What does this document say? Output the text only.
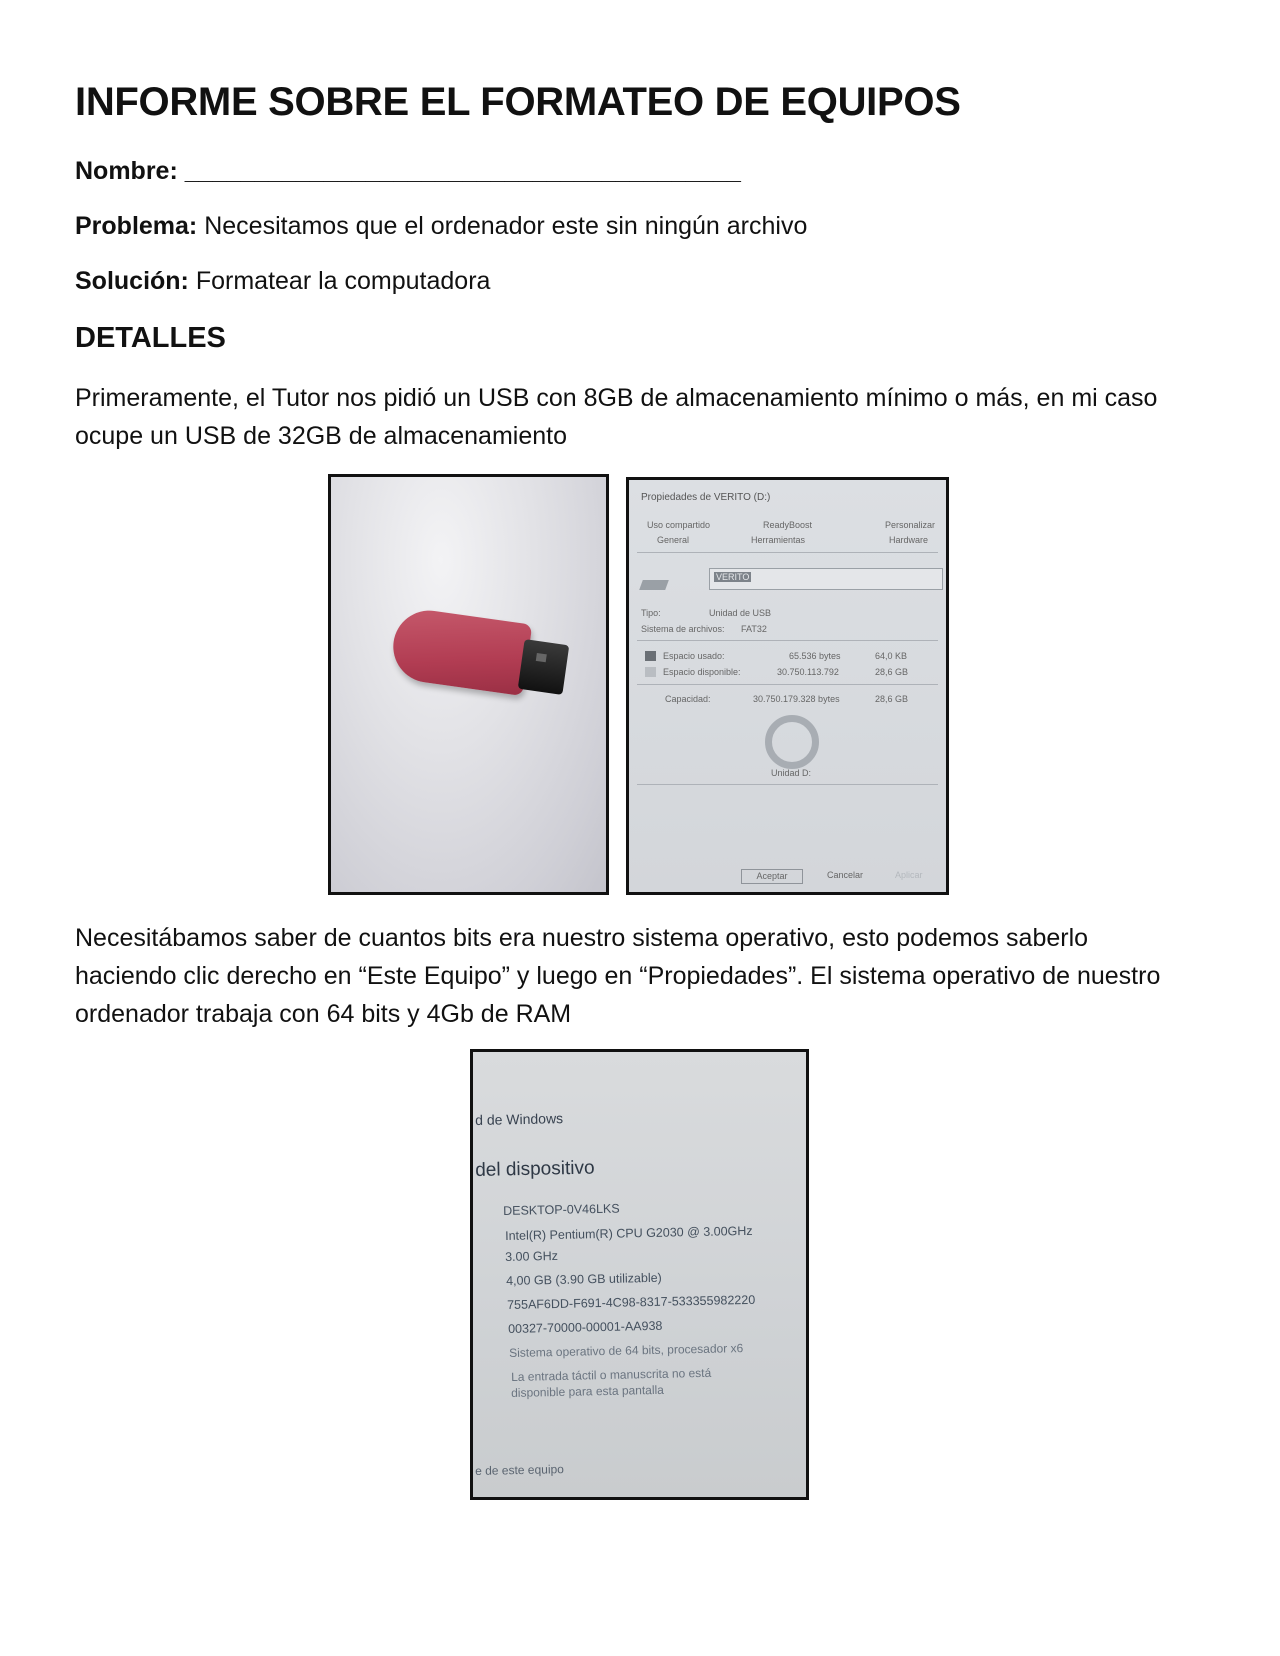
INFORME SOBRE EL FORMATEO DE EQUIPOS
Nombre: ________________________________________
Problema: Necesitamos que el ordenador este sin ningún archivo
Solución: Formatear la computadora
DETALLES

Primeramente, el Tutor nos pidió un USB con 8GB de almacenamiento mínimo o más, en mi caso ocupe un USB de 32GB de almacenamiento

Necesitábamos saber de cuantos bits era nuestro sistema operativo, esto podemos saberlo haciendo clic derecho en “Este Equipo” y luego en “Propiedades”. El sistema operativo de nuestro ordenador trabaja con 64 bits y 4Gb de RAM

Propiedades de VERITO (D:)
Uso compartido	ReadyBoost	Personalizar
General	Herramientas	Hardware
VERITO
Tipo:	Unidad de USB
Sistema de archivos: FAT32
Espacio usado:	65.536 bytes	64,0 KB
Espacio disponible:	30.750.113.792	28,6 GB
Capacidad:	30.750.179.328 bytes	28,6 GB
Unidad D:
Aceptar	Cancelar	Aplicar
d de Windows
del dispositivo
DESKTOP-0V46LKS
Intel(R) Pentium(R) CPU G2030 @ 3.00GHz
3.00 GHz
4,00 GB (3.90 GB utilizable)
755AF6DD-F691-4C98-8317-533355982220
00327-70000-00001-AA938
Sistema operativo de 64 bits, procesador x6
La entrada táctil o manuscrita no está
disponible para esta pantalla
e de este equipo
